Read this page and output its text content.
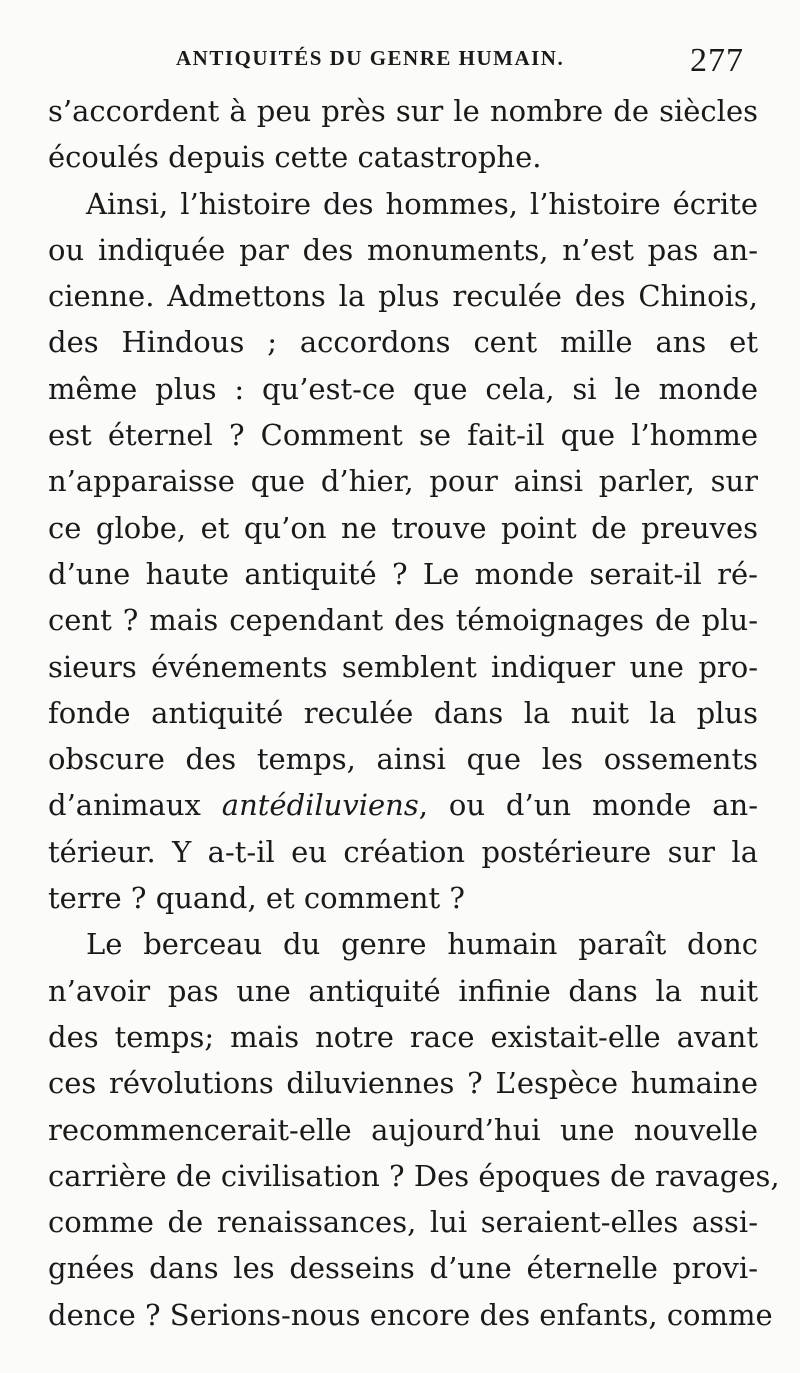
ANTIQUITÉS DU GENRE HUMAIN.	277
s’accordent à peu près sur le nombre de siècles
écoulés depuis cette catastrophe.
Ainsi, l’histoire des hommes, l’histoire écrite
ou indiquée par des monuments, n’est pas an-
cienne. Admettons la plus reculée des Chinois,
des Hindous ; accordons cent mille ans et
même plus : qu’est-ce que cela, si le monde
est éternel ? Comment se fait-il que l’homme
n’apparaisse que d’hier, pour ainsi parler, sur
ce globe, et qu’on ne trouve point de preuves
d’une haute antiquité ? Le monde serait-il ré-
cent ? mais cependant des témoignages de plu-
sieurs événements semblent indiquer une pro-
fonde antiquité reculée dans la nuit la plus
obscure des temps, ainsi que les ossements
d’animaux antédiluviens, ou d’un monde an-
térieur. Y a-t-il eu création postérieure sur la
terre ? quand, et comment ?
Le berceau du genre humain paraît donc
n’avoir pas une antiquité infinie dans la nuit
des temps; mais notre race existait-elle avant
ces révolutions diluviennes ? L’espèce humaine
recommencerait-elle aujourd’hui une nouvelle
carrière de civilisation ? Des époques de ravages,
comme de renaissances, lui seraient-elles assi-
gnées dans les desseins d’une éternelle provi-
dence ? Serions-nous encore des enfants, comme
